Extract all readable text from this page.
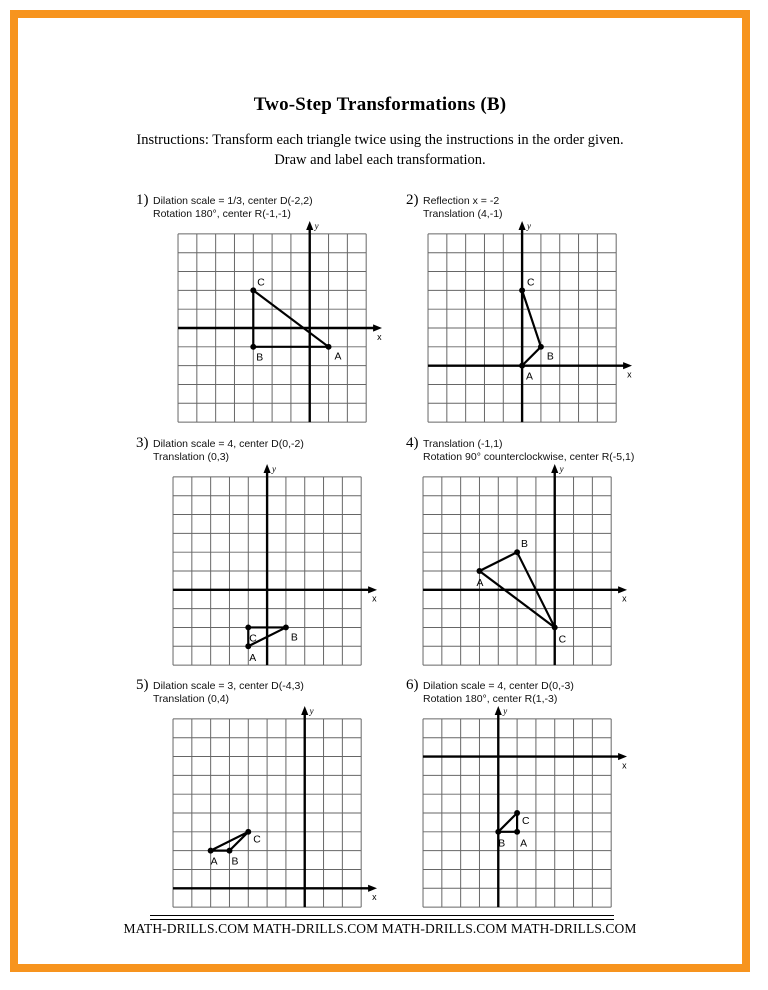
Two-Step Transformations (B)
Instructions: Transform each triangle twice using the instructions in the order given.
Draw and label each transformation.
1) Dilation scale = 1/3, center D(-2,2)
Rotation 180°, center R(-1,-1)
x
y
A
B
C
2) Reflection x = -2
Translation (4,-1)
x
y
A
B
C
3) Dilation scale = 4, center D(0,-2)
Translation (0,3)
x
y
A
B
C
4) Translation (-1,1)
Rotation 90° counterclockwise, center R(-5,1)
x
y
A
B
C
5) Dilation scale = 3, center D(-4,3)
Translation (0,4)
x
y
A B
C
6) Dilation scale = 4, center D(0,-3)
Rotation 180°, center R(1,-3)
x
y
A
B
C
MATH-DRILLS.COM MATH-DRILLS.COM MATH-DRILLS.COM MATH-DRILLS.COM
